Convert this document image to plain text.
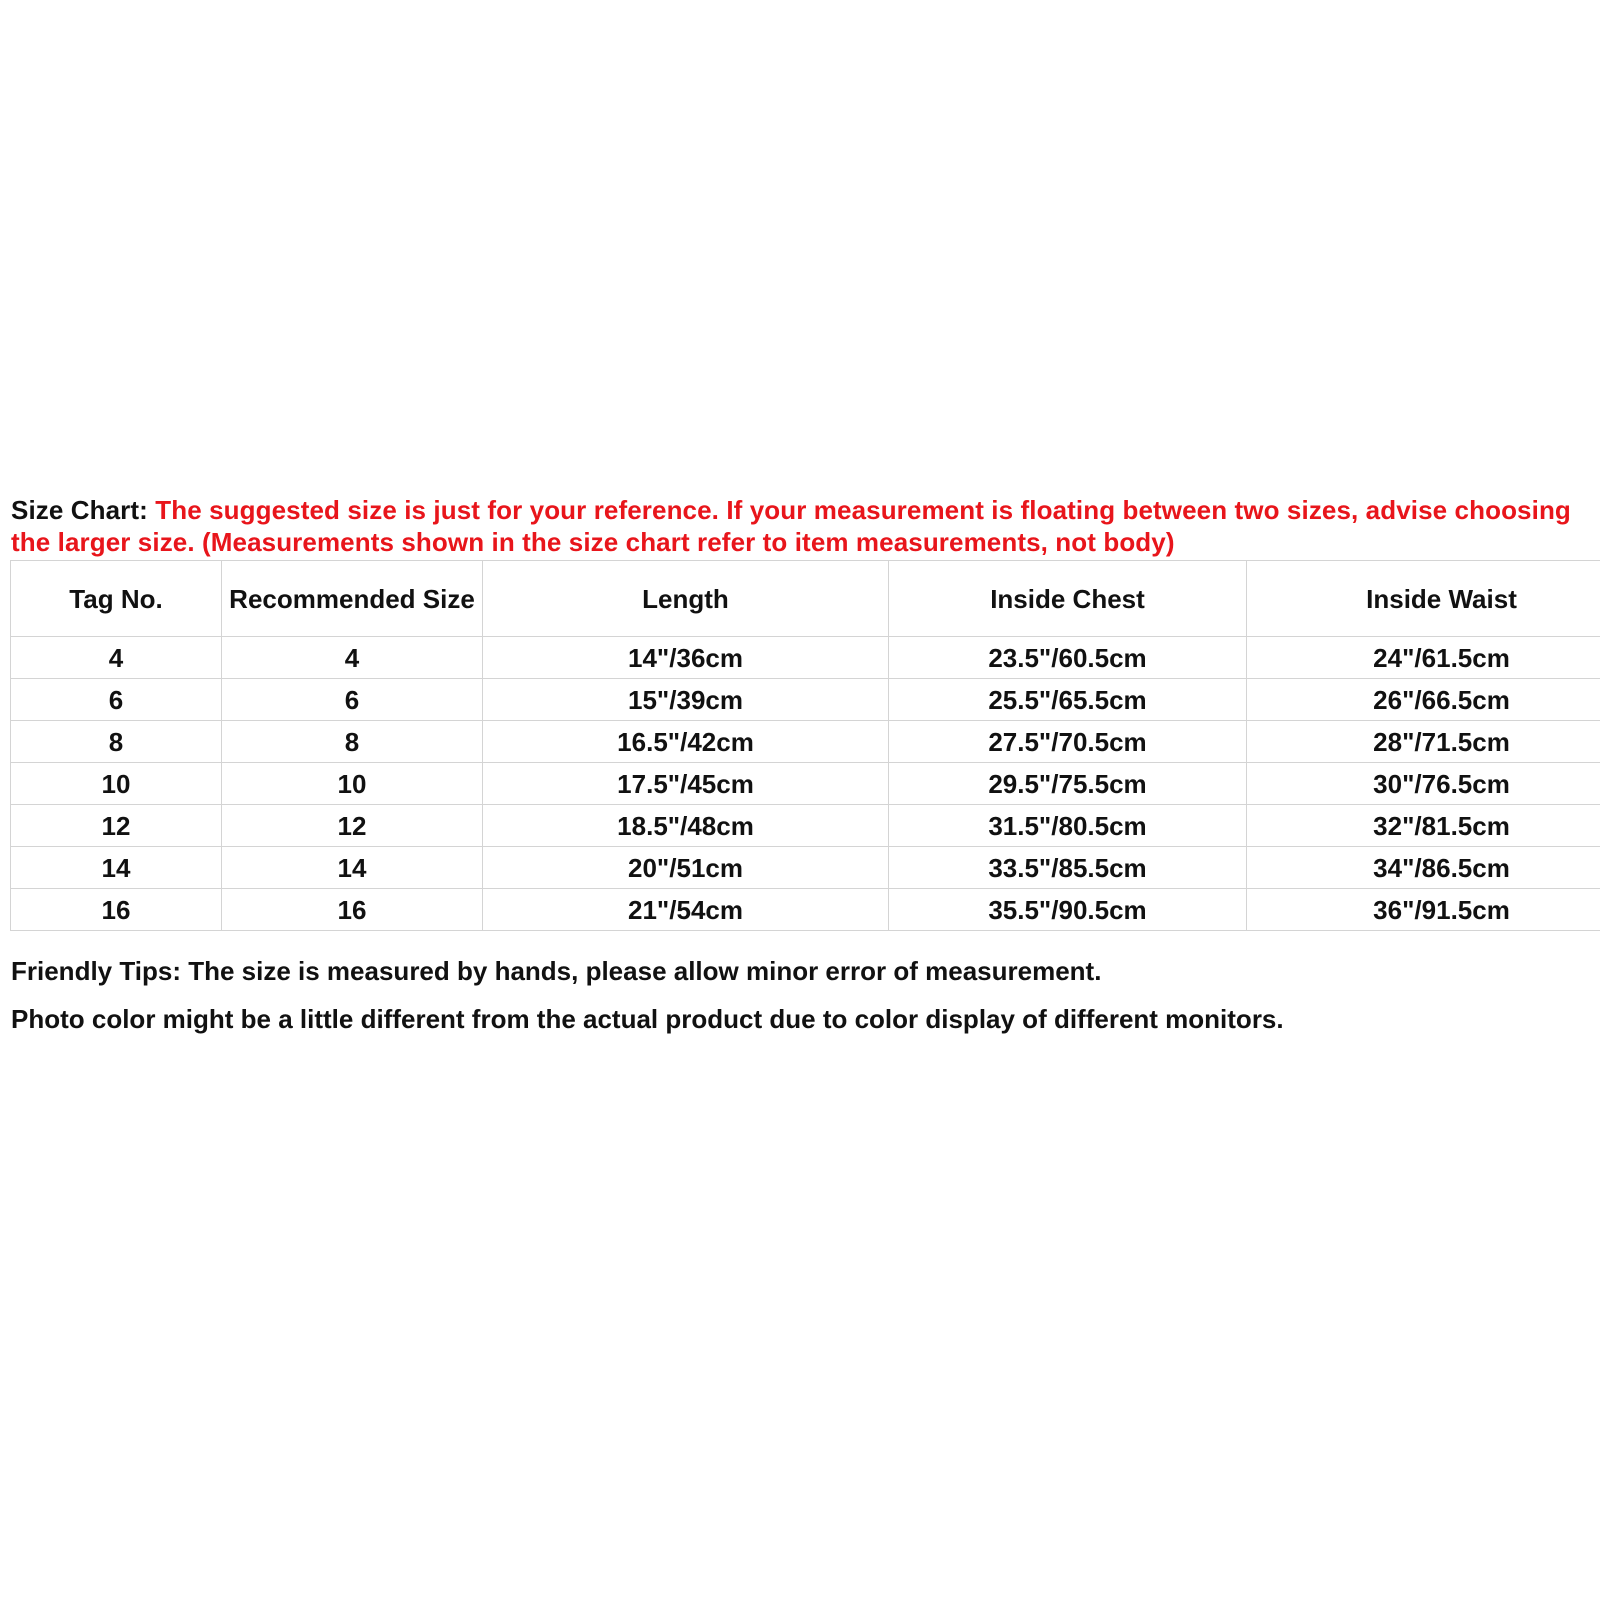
Size Chart: The suggested size is just for your reference. If your measurement is floating between two sizes, advise choosing the larger size. (Measurements shown in the size chart refer to item measurements, not body)
Tag No.	Recommended Size	Length	Inside Chest	Inside Waist
4	4	14"/36cm	23.5"/60.5cm	24"/61.5cm
6	6	15"/39cm	25.5"/65.5cm	26"/66.5cm
8	8	16.5"/42cm	27.5"/70.5cm	28"/71.5cm
10	10	17.5"/45cm	29.5"/75.5cm	30"/76.5cm
12	12	18.5"/48cm	31.5"/80.5cm	32"/81.5cm
14	14	20"/51cm	33.5"/85.5cm	34"/86.5cm
16	16	21"/54cm	35.5"/90.5cm	36"/91.5cm
Friendly Tips: The size is measured by hands, please allow minor error of measurement.
Photo color might be a little different from the actual product due to color display of different monitors.
